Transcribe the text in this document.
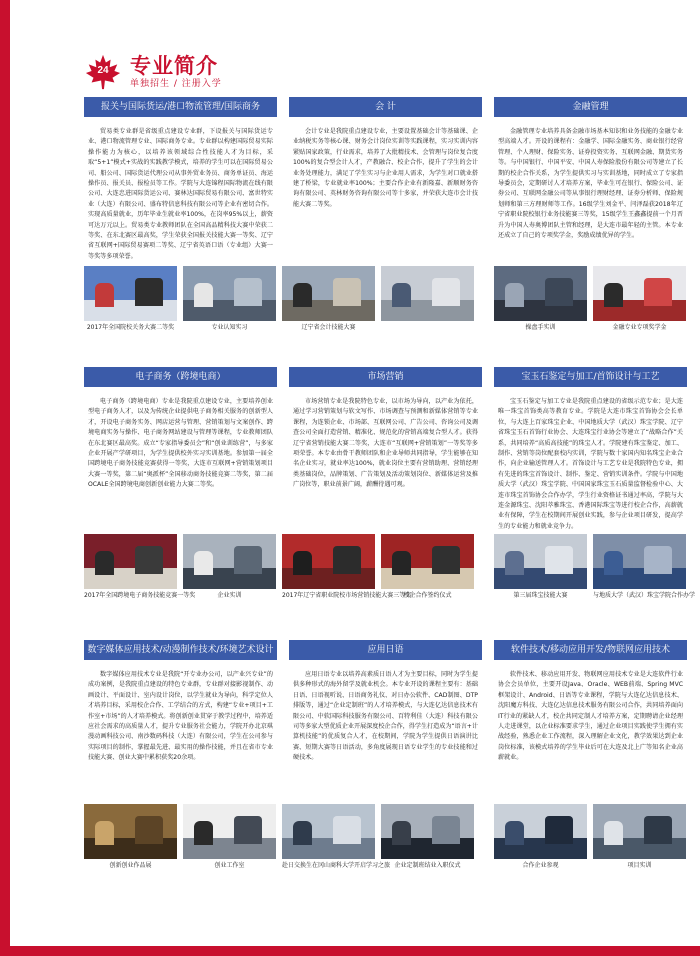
24	专业简介
单独招生 / 注册入学
报关与国际货运/港口物流管理/国际商务
贸易类专业群是省级重点建设专业群，下设报关与国际货运专业、港口物流管理专业、国际商务专业。专业群以构建国际贸易实际操作能力为核心，以培养该领域综合性技能人才为目标，采取“5+1”模式+实战的实践教学模式，培养的学生可以在国际贸易公司、船公司、国际货运代理公司从事外贸业务员、商务单证员、海运操作员、报关员、报检员等工作。学院与大连锦程国际物流在线有限公司、大连忠进国际货运公司、赛林达国际贸易有限公司、富世特实业（大连）有限公司、盛布特信息科技有限公司等企业有密切合作。实现高质量就业，历年毕业生就业率100%，在岗率95%以上，薪资可达万元以上。贸易类专业教师团队在全国高品精科技大赛中荣获二等奖、在东北赛区最高奖，学生荣获全国报关技能大赛一等奖、辽宁省互联网+国际贸易赛项二等奖、辽宁省英语口语（专业组）大赛一等奖等多项荣誉。
会 计
会计专业是我院重点建设专业，主要设置基础会计等基础课、企业纳税实务等核心课、财务会计岗位实训等实践课程，实习实训内容紧贴国家政策，行业需求，培养了大批精技术、会管理与岗位复合度100%的复合型会计人才，产教融合、校企合作，提升了学生的会计业务处理能力，满足了学生实习与企业用人需求，为学生对口就业搭建了桥梁，专业就业率100%；主要合作企业有新隆嘉、新顺财务咨询有限公司、英林财务咨询有限公司等十多家，并荣获大连市会计技能大赛二等奖。
金融管理
金融管理专业培养具备金融市场基本知识和业务技能的金融专业型高端人才。开设的课程有：金融学、国际金融实务、商业银行经营管理、个人理财、保险实务、证券投资实务、互联网金融、期货实务等。与中国银行、中国平安、中国人寿保险股份有限公司等建立了长期的校企合作关系，为学生提供实习与实训基地，同时成立了专家指导委员会，定期研讨人才培养方案，毕业生可在银行、保险公司、证券公司、互联网金融公司等从事银行理财经理、证券分析师、保险规划师和第三方理财师等工作。16级学生刘金平、闫泽磊获2018年辽宁省职业院校银行业务技能赛三等奖，15级学生王鑫鑫提前一个月晋升为中国人寿奥博团队主管和经理，是大连市最年轻的主管。本专业还成立了自己的专项奖学金，奖励成绩优异的学生。
2017年全国院校关务大赛二等奖	专业认知实习	辽宁省会计技能大赛	操盘手实训	金融专业专项奖学金
电子商务（跨境电商）
电子商务（跨境电商）专业是我院重点建设专业，主要培养创业型电子商务人才，以及为传统企业提供电子商务相关服务的创新型人才，开设电子商务实务、网店运营与管理、营销策划与文案创作、跨境电商实务与操作、电子商务网站建设与管理等课程，专业教师团队在东北赛区最高奖。成立“专家指导委员会”和“创业训练营”，与多家企业开展产学研项目，为学生提供校外实习实训基地。参加第一届全国跨境电子商务技能竞赛获得一等奖，大连市互联网+营销策划项目大赛一等奖，第二届“奥派杯”全国移动商务技能竞赛二等奖，第二届OCALE全国跨境电商创新创业能力大赛二等奖。
市场营销
市场营销专业是我院特色专业，以市场为导向，以产业为依托，通过学习营销策划与软文写作、市场调查与预测和新媒体营销等专业课程，为连锁企业、市场部、互联网公司、广告公司、咨询公司及调查公司全面打造营销、精准化、规范化的营销高端复合型人才。获得辽宁省营销技能大赛二等奖，大连市“互联网+营销策划”一等奖等多项荣誉。本专业由骨干教师团队和企业导师共同指导，学生能够在知名企业实习，就业率达100%，就业岗位主要有营销助理、营销经理类基础岗位，品牌策划、广告策划及活动策划岗位、新媒体运营及推广岗位等，职业前景广阔，薪酬待遇可观。
宝玉石鉴定与加工/首饰设计与工艺
宝玉石鉴定与加工专业是我院重点建设的省级示范专业；是大连唯一珠宝首饰类高等教育专业。学院是大连市珠宝首饰协会会长单位，与大连上百家珠宝企业、中国地质大学（武汉）珠宝学院、辽宁省珠宝玉石首饰行业协会、大连珠宝行业协会等建立了“战略合作”关系，共同培养“高质高技能”的珠宝人才。学院建有珠宝鉴定、加工、制作、营销等岗位配套校内实训，学院与数十家国内知名珠宝企业合作，向企业输送管理人才。首饰设计与工艺专业是我院特色专业，拥有先进的珠宝首饰设计、制作、鉴定、营销实训条件。学院与中国地质大学（武汉）珠宝学院、中国国家珠宝玉石质量监督检验中心、大连市珠宝首饰协会合作办学，学生行业资格证书通过率高，学院与大连金源珠宝、沈阳萃雅珠宝、香港国际珠宝等进行校企合作，高薪就业有保障，学生在校期间开展创业实践，参与企业项目研发，提高学生的专业能力和就业竞争力。
2017年全国跨境电子商务技能竞赛一等奖	企业实训	2017年辽宁省职业院校市场营销技能大赛三等奖
校企合作签约仪式	第三届珠宝技能大赛	与地质大学（武汉）珠宝学院合作办学
数字媒体应用技术/动漫制作技术/环境艺术设计
数字媒体应用技术专业是我院“开专业办公司，以产业兴专业”的成功案例，是我院重点建设的特色专业群，专业群对接影视制作、动画设计、平面设计、室内设计岗位，以学生就业为导向，科学定位人才培养目标，采用校企合作、工学结合的方式，构建“专业+项目+工作室+市场”的人才培养模式。将创新创业贯穿于教学过程中，培养适应社会需求的高质量人才，提升专业服务社会能力，学院开办北京琪漫动画科技公司、南沙数码科技（大连）有限公司，学生在公司参与实际项目的制作，掌握最先进、最实用的操作技能，并且在省市专业技能大赛、创业大赛中累积获奖20余项。
应用日语
应用日语专业以培养高素质日语人才为主要目标，同时为学生提供多种形式的海外留学及就业机会。本专业开设的课程主要有：基础日语、日语视听说、日语商务礼仪、对日办公软件、CAD制图、DTP排版等，通过“企业定制班”的人才培养模式，与大连亿达信息技术有限公司、中软国际科技服务有限公司、百特利佳（大连）科技有限公司等多家大型优质企业开展深度校企合作，得学生打造成为“语言+计算机技能”的优质复合人才，在校期间，学院为学生提供日语演讲比赛、短期大赛等日语活动，多角度展现日语专业学生的专业技能和过硬技术。
软件技术/移动应用开发/物联网应用技术
软件技术、移动应用开发、物联网应用技术专业是大连软件行业协会会员单位，主要开设Java、Oracle、WEB前端、Spring MVC框架设计、Android、日语等专业课程，学院与大连亿达信息技术、沈阳魔方科技、大连亿达信息技术服务有限公司合作，共同培养面向IT行业的紧缺人才，校企共同定制人才培养方案，定期聘请企业经理人走进课堂，以企业标准要求学生，通过企业项目实践使学生拥有实战经验，熟悉企业工作流程，深入理解企业文化，教学效果达到企业岗位标准，该模式培养的学生毕业后可在大连及北上广等知名企业高薪就业。
创新创业作品展	创业工作室	赴日交换生在冈山商科大学开启学习之旅 企业定制班结业入职仪式	合作企业参观	项目实训
